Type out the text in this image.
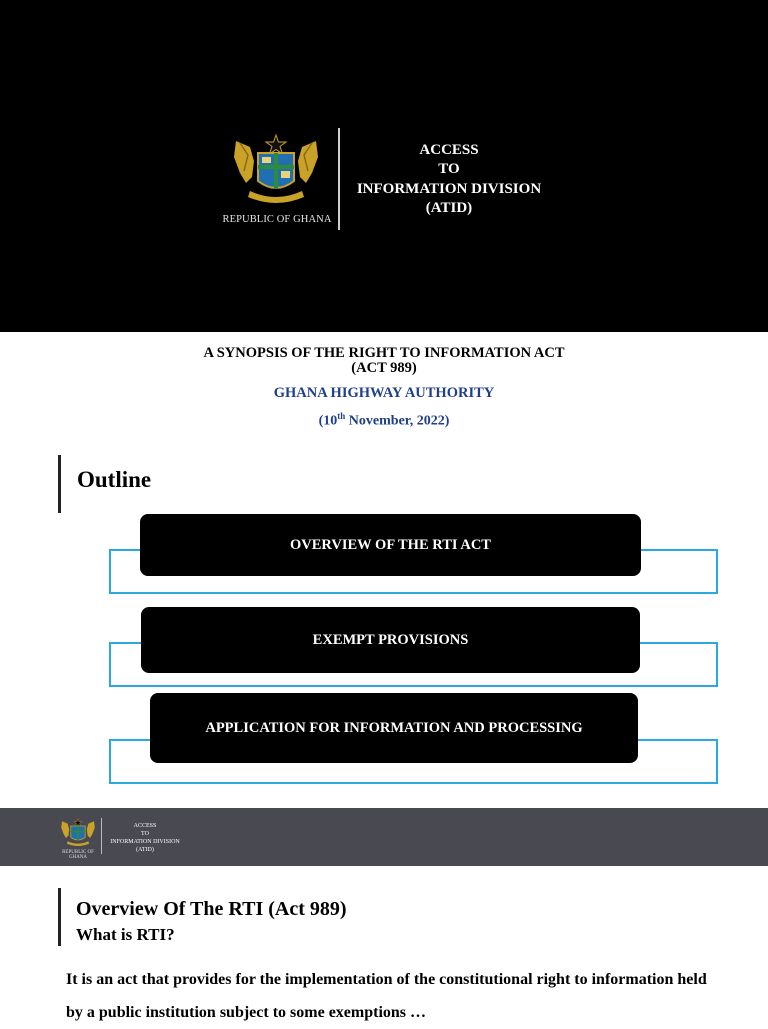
REPUBLIC OF GHANA
ACCESS
TO
INFORMATION DIVISION
(ATID)
A SYNOPSIS OF THE RIGHT TO INFORMATION ACT
(ACT 989)
GHANA HIGHWAY AUTHORITY
(10th November, 2022)
Outline
OVERVIEW OF THE RTI ACT
EXEMPT PROVISIONS
APPLICATION FOR INFORMATION AND PROCESSING
REPUBLIC OF GHANA
ACCESS
TO
INFORMATION DIVISION
(ATID)
Overview Of The RTI (Act 989)
What is RTI?
It is an act that provides for the implementation of the constitutional right to information held by a public institution subject to some exemptions …
